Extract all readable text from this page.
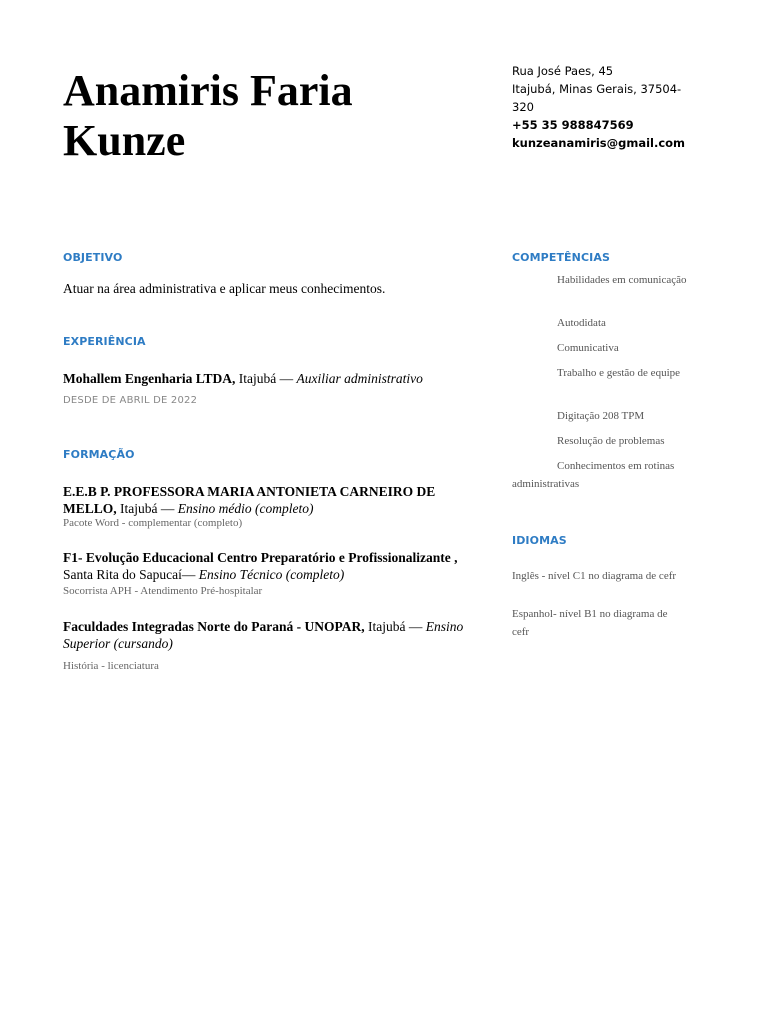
Anamiris Faria
Kunze
Rua José Paes, 45
Itajubá, Minas Gerais, 37504-
320
+55 35 988847569
kunzeanamiris@gmail.com
OBJETIVO
Atuar na área administrativa e aplicar meus conhecimentos.
EXPERIÊNCIA
Mohallem Engenharia LTDA, Itajubá — Auxiliar administrativo
DESDE DE ABRIL DE 2022
FORMAÇÃO
E.E.B P. PROFESSORA MARIA ANTONIETA CARNEIRO DE MELLO, Itajubá — Ensino médio (completo)
Pacote Word - complementar (completo)
F1- Evolução Educacional Centro Preparatório e Profissionalizante , Santa Rita do Sapucaí— Ensino Técnico (completo)
Socorrista APH - Atendimento Pré-hospitalar
Faculdades Integradas Norte do Paraná - UNOPAR, Itajubá — Ensino Superior (cursando)
História - licenciatura
COMPETÊNCIAS
Habilidades em comunicação
Autodidata
Comunicativa
Trabalho e gestão de equipe
Digitação 208 TPM
Resolução de problemas
Conhecimentos em rotinas administrativas
IDIOMAS
Inglês - nível C1 no diagrama de cefr
Espanhol- nível B1 no diagrama de cefr
